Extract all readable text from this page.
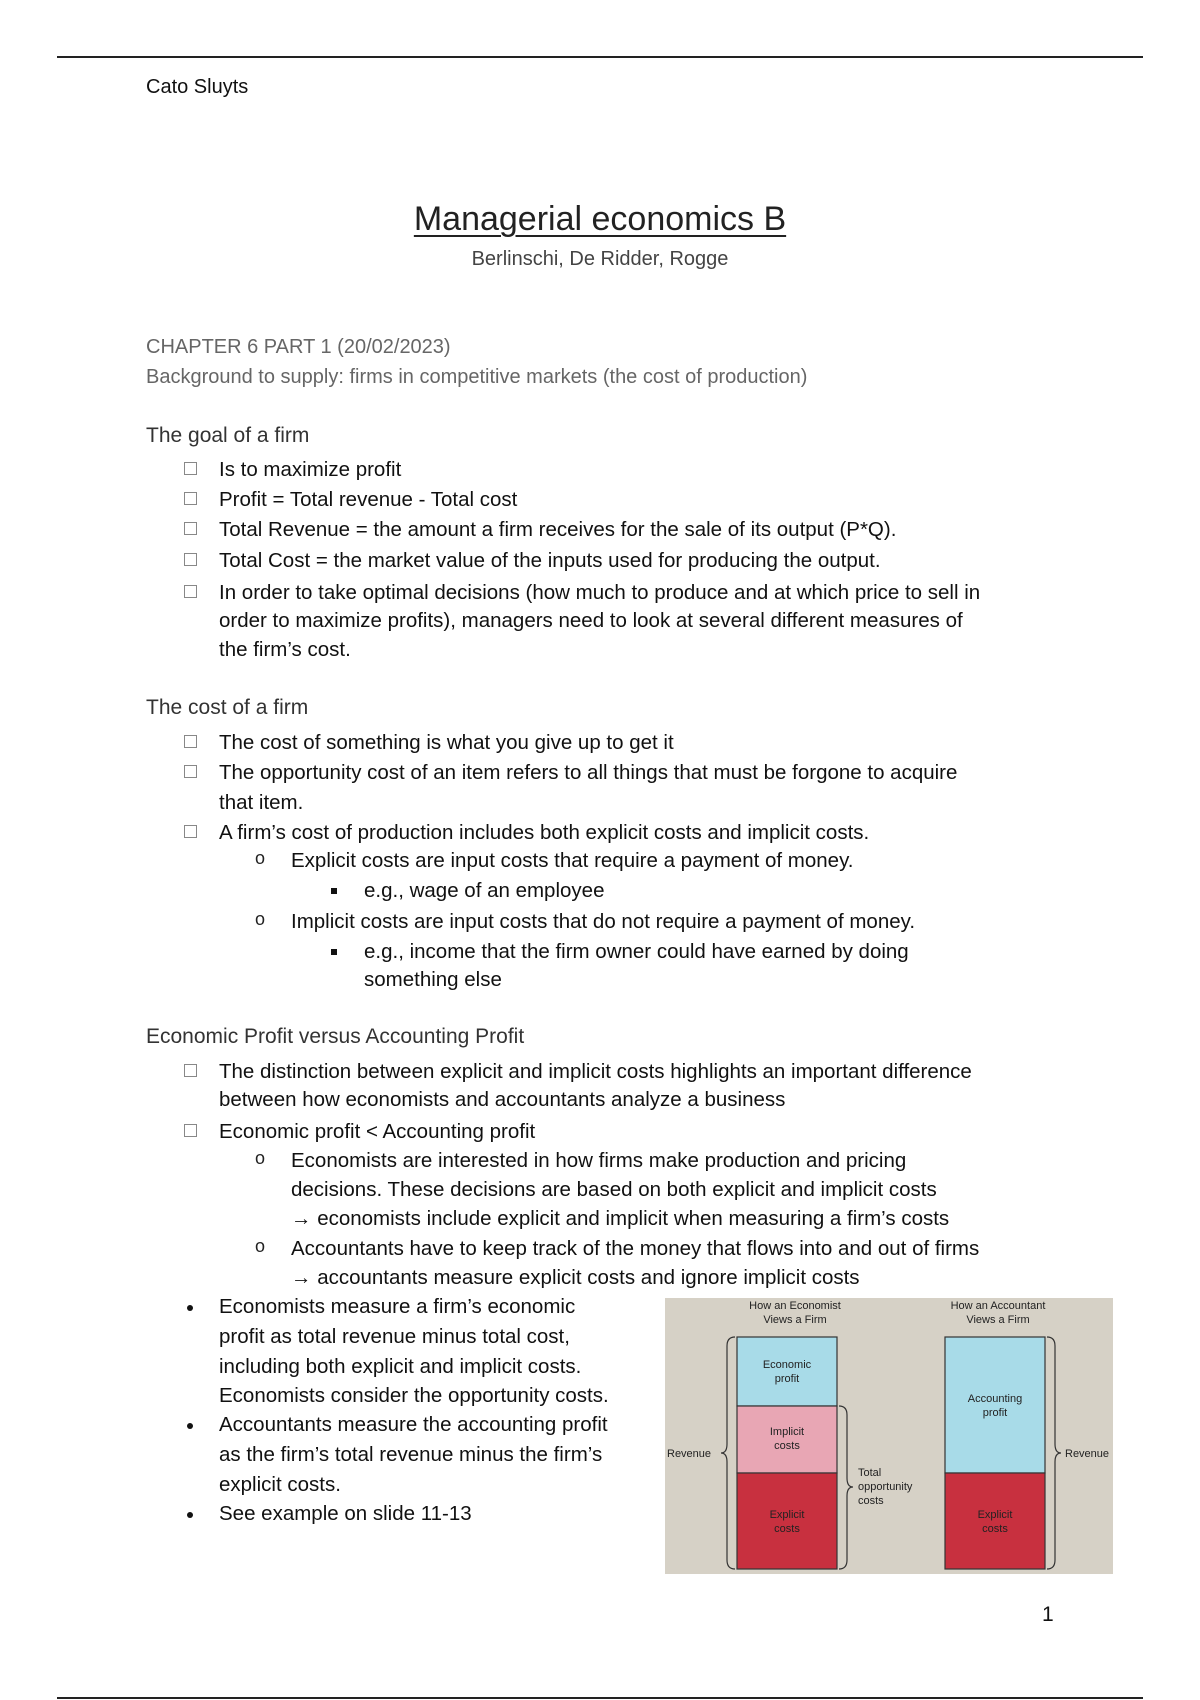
Cato Sluyts
Managerial economics B
Berlinschi, De Ridder, Rogge
CHAPTER 6 PART 1 (20/02/2023)
Background to supply: firms in competitive markets (the cost of production)
The goal of a firm
Is to maximize profit
Profit = Total revenue - Total cost
Total Revenue = the amount a firm receives for the sale of its output (P*Q).
Total Cost = the market value of the inputs used for producing the output.
In order to take optimal decisions (how much to produce and at which price to sell in
order to maximize profits), managers need to look at several different measures of
the firm’s cost.
The cost of a firm
The cost of something is what you give up to get it
The opportunity cost of an item refers to all things that must be forgone to acquire
that item.
A firm’s cost of production includes both explicit costs and implicit costs.
o Explicit costs are input costs that require a payment of money.
e.g., wage of an employee
o Implicit costs are input costs that do not require a payment of money.
e.g., income that the firm owner could have earned by doing
something else
Economic Profit versus Accounting Profit
The distinction between explicit and implicit costs highlights an important difference
between how economists and accountants analyze a business
Economic profit < Accounting profit
o Economists are interested in how firms make production and pricing
decisions. These decisions are based on both explicit and implicit costs
→ economists include explicit and implicit when measuring a firm’s costs
o Accountants have to keep track of the money that flows into and out of firms
→ accountants measure explicit costs and ignore implicit costs
Economists measure a firm’s economic
profit as total revenue minus total cost,
including both explicit and implicit costs.
Economists consider the opportunity costs.
Accountants measure the accounting profit
as the firm’s total revenue minus the firm’s
explicit costs.
See example on slide 11-13
How an Economist
Views a Firm
How an Accountant
Views a Firm
Economic
profit
Implicit
costs
Explicit
costs
Revenue
Total
opportunity
costs
Accounting
profit
Explicit
costs
Revenue
1
